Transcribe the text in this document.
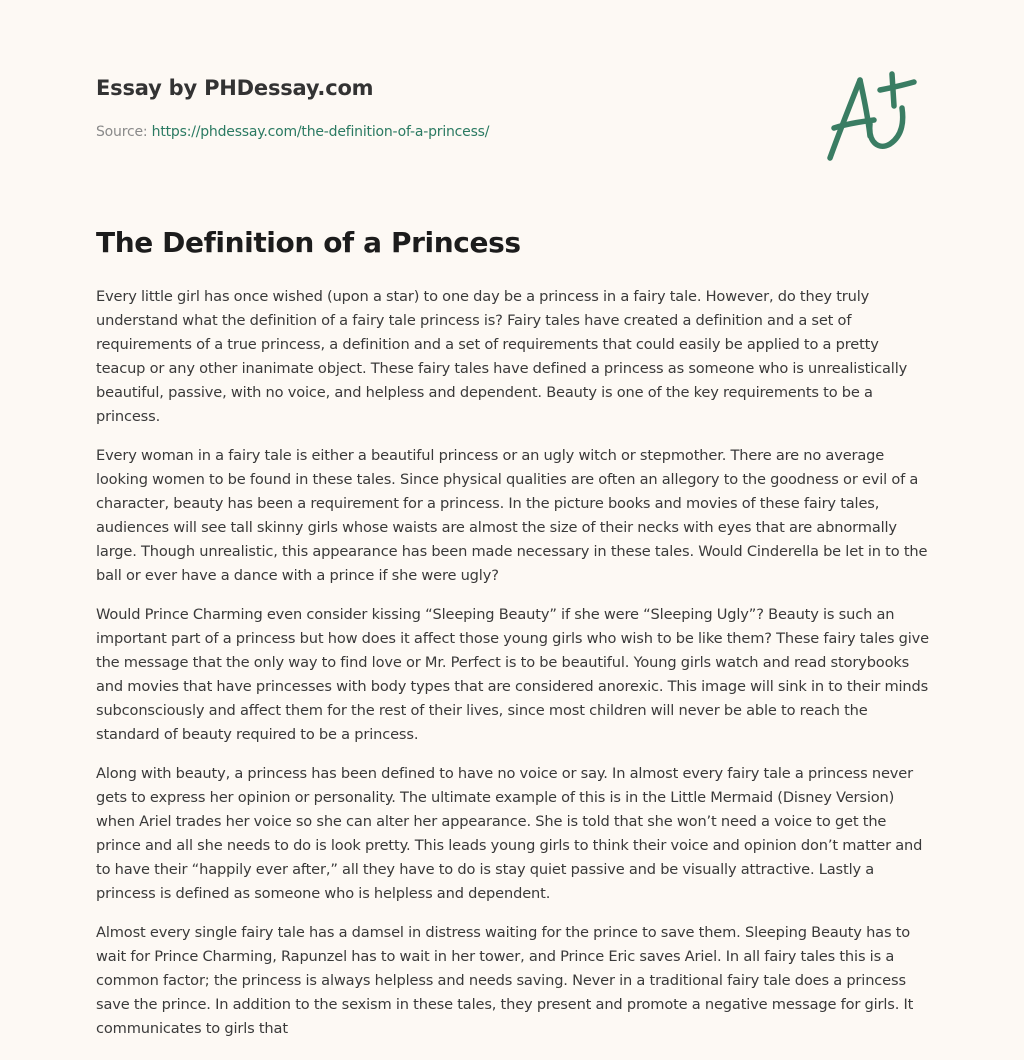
Essay by PHDessay.com
Source: https://phdessay.com/the-definition-of-a-princess/
The Definition of a Princess

Every little girl has once wished (upon a star) to one day be a princess in a fairy tale. However, do they truly understand what the definition of a fairy tale princess is? Fairy tales have created a definition and a set of requirements of a true princess, a definition and a set of requirements that could easily be applied to a pretty teacup or any other inanimate object. These fairy tales have defined a princess as someone who is unrealistically beautiful, passive, with no voice, and helpless and dependent. Beauty is one of the key requirements to be a princess.

Every woman in a fairy tale is either a beautiful princess or an ugly witch or stepmother. There are no average looking women to be found in these tales. Since physical qualities are often an allegory to the goodness or evil of a character, beauty has been a requirement for a princess. In the picture books and movies of these fairy tales, audiences will see tall skinny girls whose waists are almost the size of their necks with eyes that are abnormally large. Though unrealistic, this appearance has been made necessary in these tales. Would Cinderella be let in to the ball or ever have a dance with a prince if she were ugly?

Would Prince Charming even consider kissing “Sleeping Beauty” if she were “Sleeping Ugly”? Beauty is such an important part of a princess but how does it affect those young girls who wish to be like them? These fairy tales give the message that the only way to find love or Mr. Perfect is to be beautiful. Young girls watch and read storybooks and movies that have princesses with body types that are considered anorexic. This image will sink in to their minds subconsciously and affect them for the rest of their lives, since most children will never be able to reach the standard of beauty required to be a princess.

Along with beauty, a princess has been defined to have no voice or say. In almost every fairy tale a princess never gets to express her opinion or personality. The ultimate example of this is in the Little Mermaid (Disney Version) when Ariel trades her voice so she can alter her appearance. She is told that she won’t need a voice to get the prince and all she needs to do is look pretty. This leads young girls to think their voice and opinion don’t matter and to have their “happily ever after,” all they have to do is stay quiet passive and be visually attractive. Lastly a princess is defined as someone who is helpless and dependent.

Almost every single fairy tale has a damsel in distress waiting for the prince to save them. Sleeping Beauty has to wait for Prince Charming, Rapunzel has to wait in her tower, and Prince Eric saves Ariel. In all fairy tales this is a common factor; the princess is always helpless and needs saving. Never in a traditional fairy tale does a princess save the prince. In addition to the sexism in these tales, they present and promote a negative message for girls. It communicates to girls that
